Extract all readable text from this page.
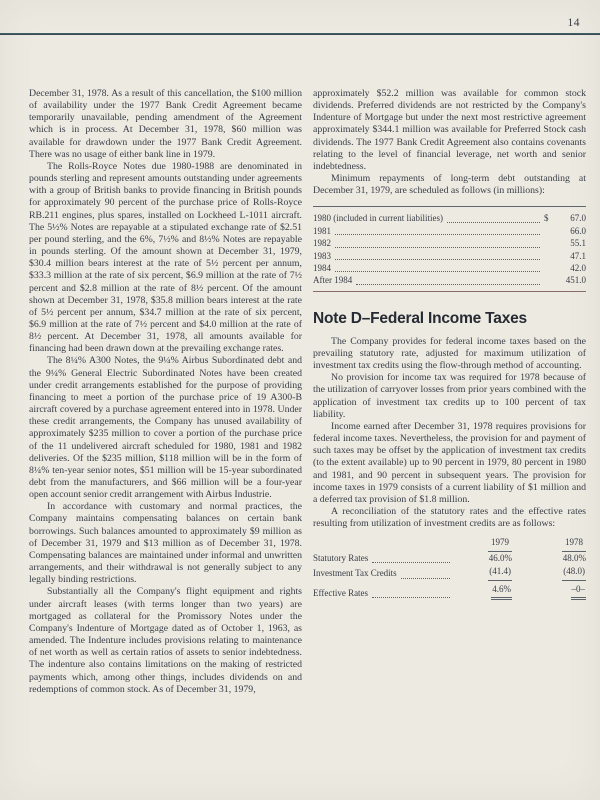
14

December 31, 1978. As a result of this cancellation, the $100 million of availability under the 1977 Bank Credit Agreement became temporarily unavailable, pending amendment of the Agreement which is in process. At December 31, 1978, $60 million was available for drawdown under the 1977 Bank Credit Agreement. There was no usage of either bank line in 1979.

The Rolls-Royce Notes due 1980-1988 are denominated in pounds sterling and represent amounts outstanding under agreements with a group of British banks to provide financing in British pounds for approximately 90 percent of the purchase price of Rolls-Royce RB.211 engines, plus spares, installed on Lockheed L-1011 aircraft. The 5½% Notes are repayable at a stipulated exchange rate of $2.51 per pound sterling, and the 6%, 7½% and 8½% Notes are repayable in pounds sterling. Of the amount shown at December 31, 1979, $30.4 million bears interest at the rate of 5½ percent per annum, $33.3 million at the rate of six percent, $6.9 million at the rate of 7½ percent and $2.8 million at the rate of 8½ percent. Of the amount shown at December 31, 1978, $35.8 million bears interest at the rate of 5½ percent per annum, $34.7 million at the rate of six percent, $6.9 million at the rate of 7½ percent and $4.0 million at the rate of 8½ percent. At December 31, 1978, all amounts available for financing had been drawn down at the prevailing exchange rates.

The 8¼% A300 Notes, the 9¼% Airbus Subordinated debt and the 9¼% General Electric Subordinated Notes have been created under credit arrangements established for the purpose of providing financing to meet a portion of the purchase price of 19 A300-B aircraft covered by a purchase agreement entered into in 1978. Under these credit arrangements, the Company has unused availability of approximately $235 million to cover a portion of the purchase price of the 11 undelivered aircraft scheduled for 1980, 1981 and 1982 deliveries. Of the $235 million, $118 million will be in the form of 8¼% ten-year senior notes, $51 million will be 15-year subordinated debt from the manufacturers, and $66 million will be a four-year open account senior credit arrangement with Airbus Industrie.

In accordance with customary and normal practices, the Company maintains compensating balances on certain bank borrowings. Such balances amounted to approximately $9 million as of December 31, 1979 and $13 million as of December 31, 1978. Compensating balances are maintained under informal and unwritten arrangements, and their withdrawal is not generally subject to any legally binding restrictions.

Substantially all the Company's flight equipment and rights under aircraft leases (with terms longer than two years) are mortgaged as collateral for the Promissory Notes under the Company's Indenture of Mortgage dated as of October 1, 1963, as amended. The Indenture includes provisions relating to maintenance of net worth as well as certain ratios of assets to senior indebtedness. The indenture also contains limitations on the making of restricted payments which, among other things, includes dividends on and redemptions of common stock. As of December 31, 1979,

approximately $52.2 million was available for common stock dividends. Preferred dividends are not restricted by the Company's Indenture of Mortgage but under the next most restrictive agreement approximately $344.1 million was available for Preferred Stock cash dividends. The 1977 Bank Credit Agreement also contains covenants relating to the level of financial leverage, net worth and senior indebtedness.

Minimum repayments of long-term debt outstanding at December 31, 1979, are scheduled as follows (in millions):

1980 (included in current liabilities)	$	67.0
1981	66.0
1982	55.1
1983	47.1
1984	42.0
After 1984	451.0
Note D–Federal Income Taxes

The Company provides for federal income taxes based on the prevailing statutory rate, adjusted for maximum utilization of investment tax credits using the flow-through method of accounting.

No provision for income tax was required for 1978 because of the utilization of carryover losses from prior years combined with the application of investment tax credits up to 100 percent of tax liability.

Income earned after December 31, 1978 requires provisions for federal income taxes. Nevertheless, the provision for and payment of such taxes may be offset by the application of investment tax credits (to the extent available) up to 90 percent in 1979, 80 percent in 1980 and 1981, and 90 percent in subsequent years. The provision for income taxes in 1979 consists of a current liability of $1 million and a deferred tax provision of $1.8 million.

A reconciliation of the statutory rates and the effective rates resulting from utilization of investment credits are as follows:

1979	1978
Statutory Rates	46.0%	48.0%
Investment Tax Credits	(41.4)	(48.0)
Effective Rates	4.6%	–0–
